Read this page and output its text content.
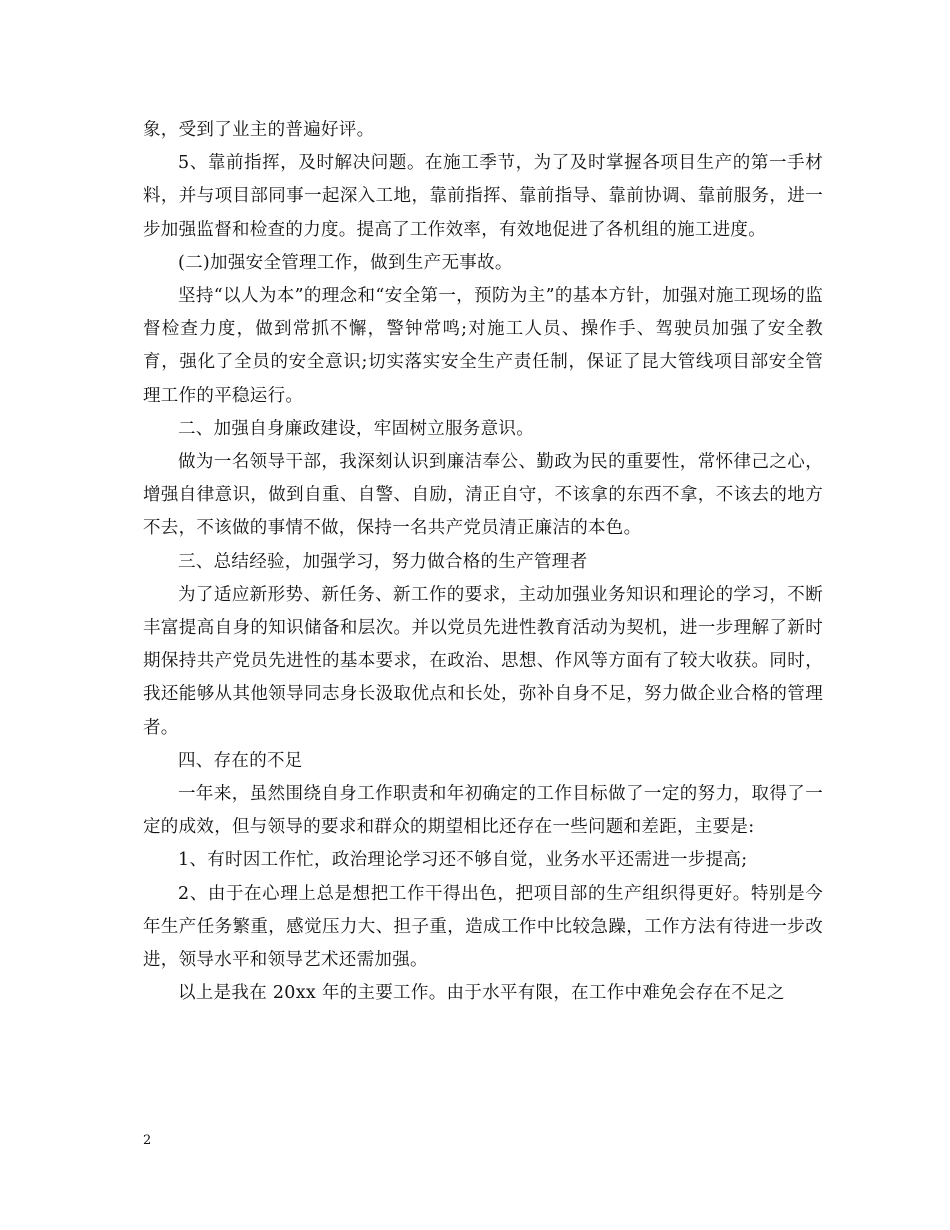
象，受到了业主的普遍好评。

5、靠前指挥，及时解决问题。在施工季节，为了及时掌握各项目生产的第一手材料，并与项目部同事一起深入工地，靠前指挥、靠前指导、靠前协调、靠前服务，进一步加强监督和检查的力度。提高了工作效率，有效地促进了各机组的施工进度。

(二)加强安全管理工作，做到生产无事故。

坚持“以人为本”的理念和“安全第一，预防为主”的基本方针，加强对施工现场的监督检查力度，做到常抓不懈，警钟常鸣;对施工人员、操作手、驾驶员加强了安全教育，强化了全员的安全意识;切实落实安全生产责任制，保证了昆大管线项目部安全管理工作的平稳运行。

二、加强自身廉政建设，牢固树立服务意识。

做为一名领导干部，我深刻认识到廉洁奉公、勤政为民的重要性，常怀律己之心，增强自律意识，做到自重、自警、自励，清正自守，不该拿的东西不拿，不该去的地方不去，不该做的事情不做，保持一名共产党员清正廉洁的本色。

三、总结经验，加强学习，努力做合格的生产管理者

为了适应新形势、新任务、新工作的要求，主动加强业务知识和理论的学习，不断丰富提高自身的知识储备和层次。并以党员先进性教育活动为契机，进一步理解了新时期保持共产党员先进性的基本要求，在政治、思想、作风等方面有了较大收获。同时，我还能够从其他领导同志身长汲取优点和长处，弥补自身不足，努力做企业合格的管理者。

四、存在的不足

一年来，虽然围绕自身工作职责和年初确定的工作目标做了一定的努力，取得了一定的成效，但与领导的要求和群众的期望相比还存在一些问题和差距，主要是:

1、有时因工作忙，政治理论学习还不够自觉，业务水平还需进一步提高;

2、由于在心理上总是想把工作干得出色，把项目部的生产组织得更好。特别是今年生产任务繁重，感觉压力大、担子重，造成工作中比较急躁，工作方法有待进一步改进，领导水平和领导艺术还需加强。

以上是我在 20xx 年的主要工作。由于水平有限，在工作中难免会存在不足之

2
